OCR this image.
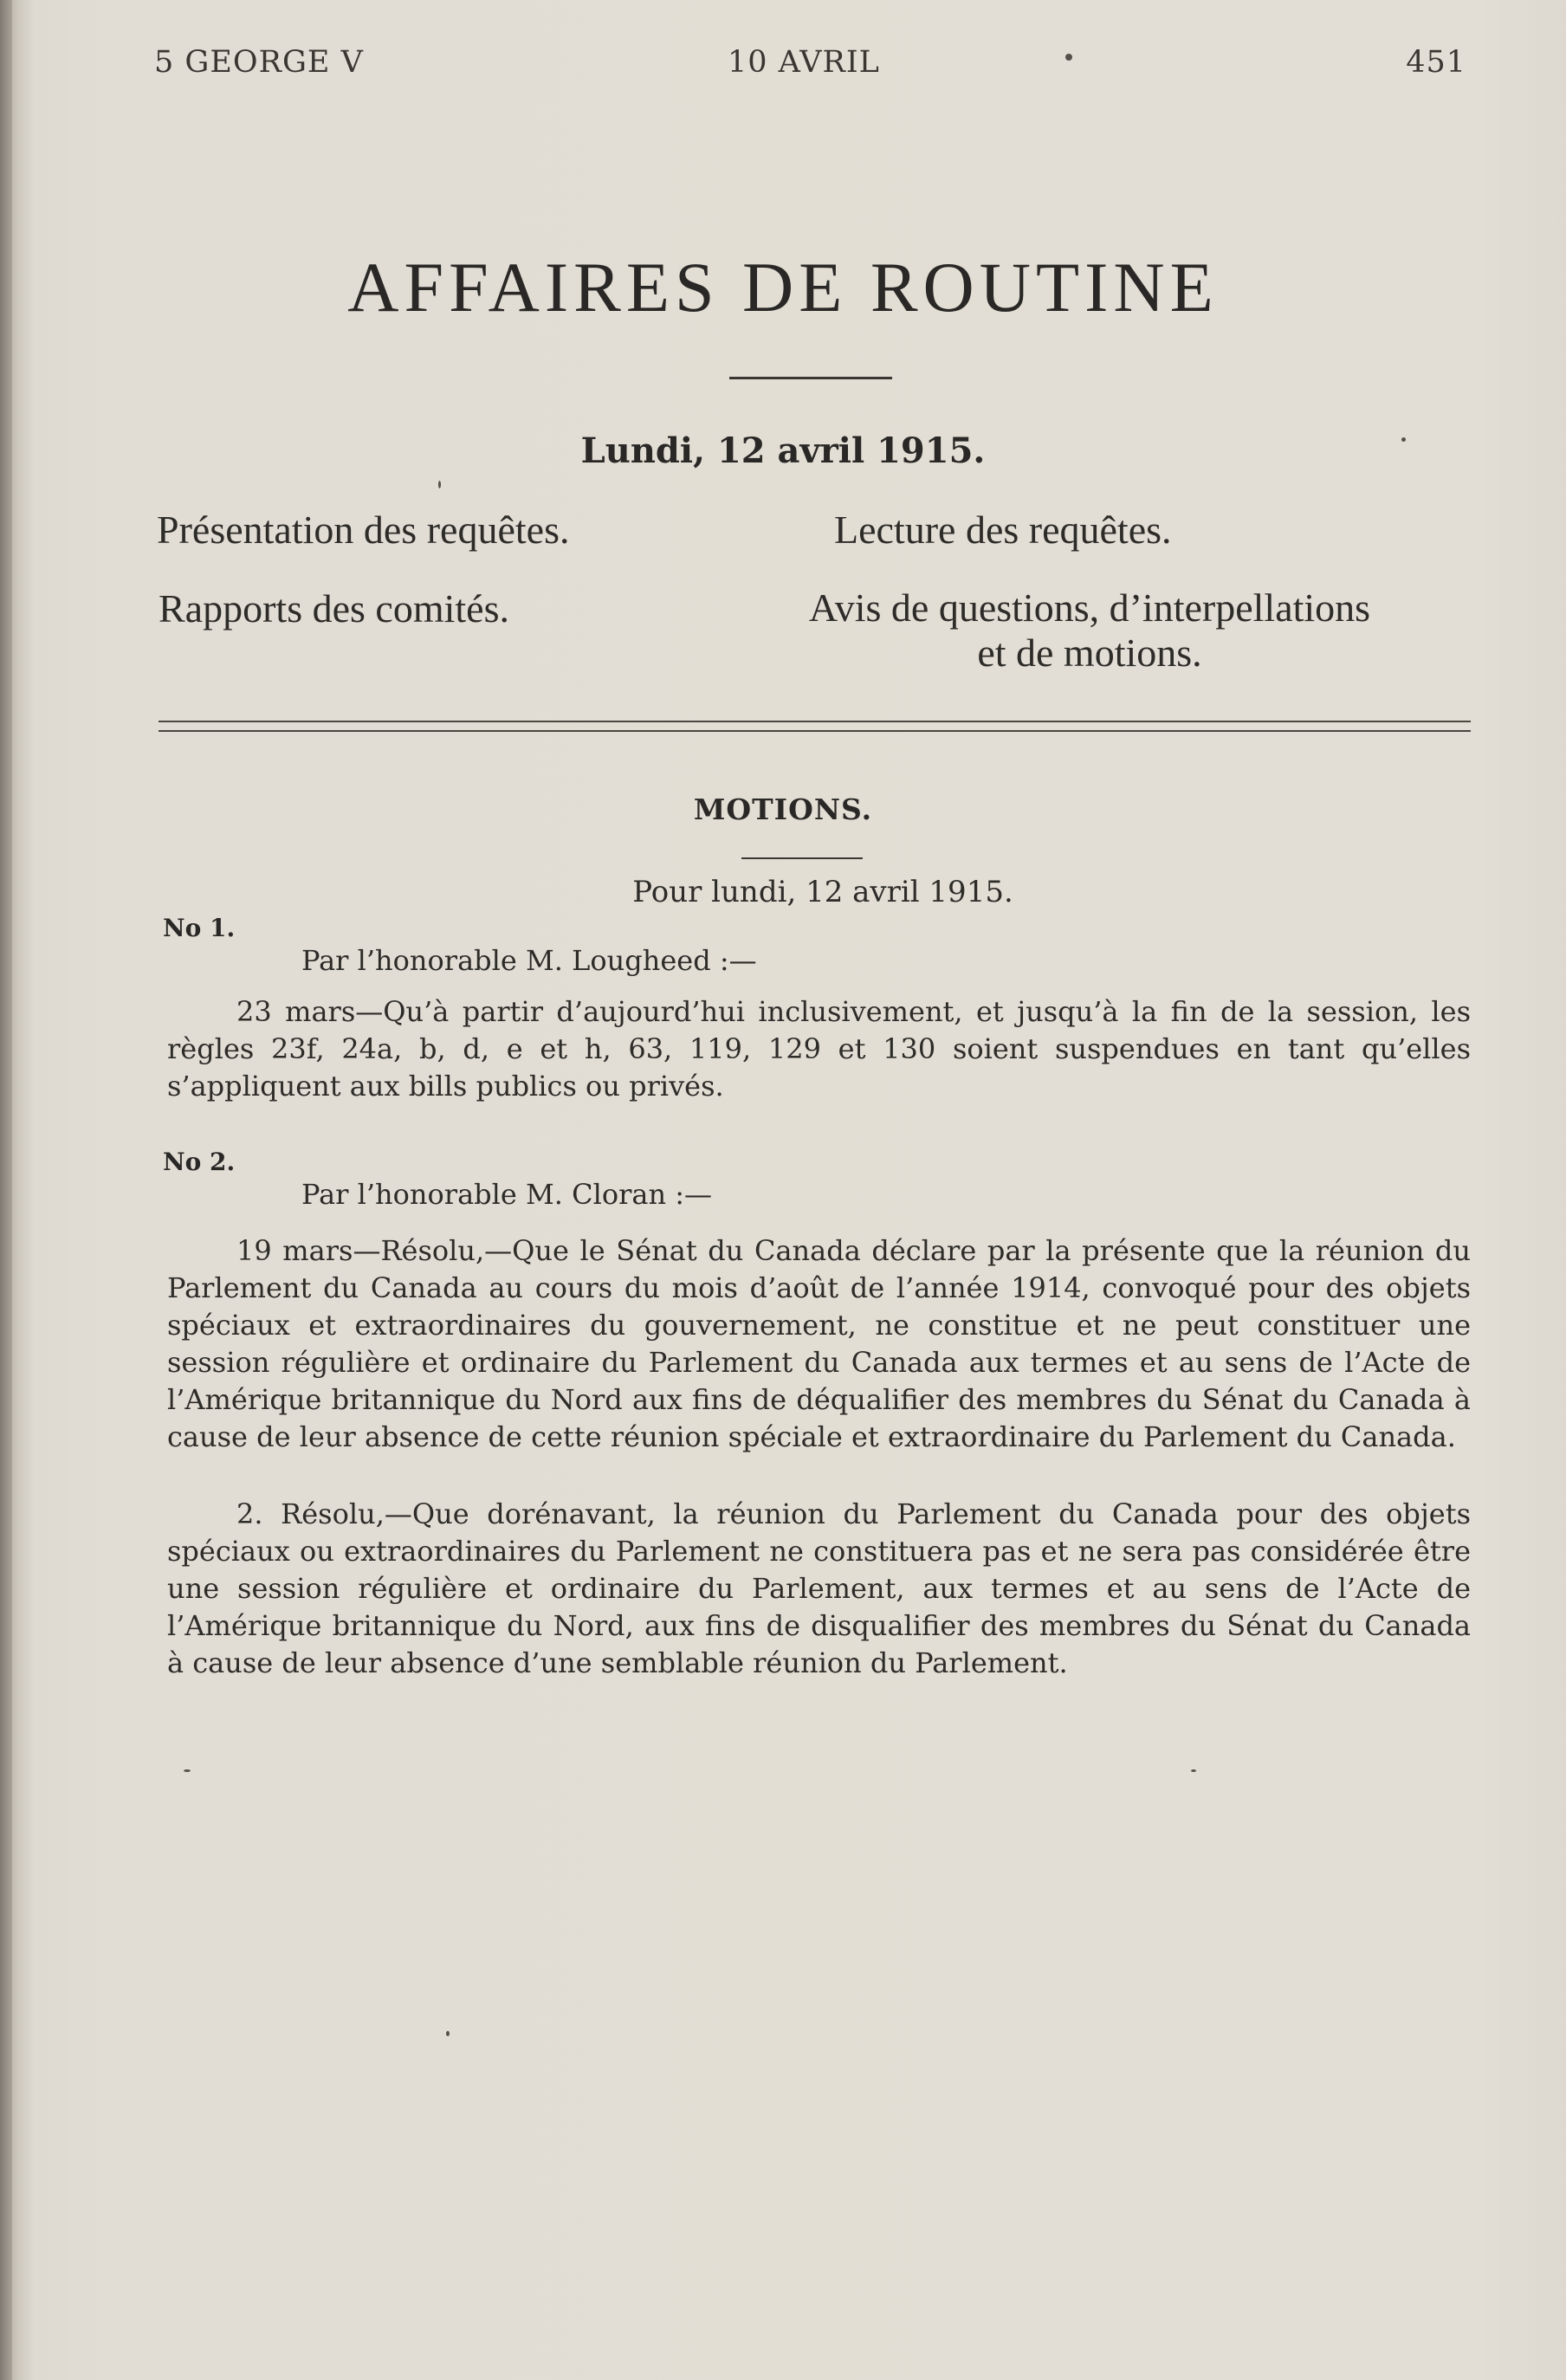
5 GEORGE V	10 AVRIL	451
AFFAIRES DE ROUTINE
Lundi, 12 avril 1915.
Présentation des requêtes.	Lecture des requêtes.
Rapports des comités.	Avis de questions, d’interpellations
et de motions.
MOTIONS.
Pour lundi, 12 avril 1915.
No 1.
Par l’honorable M. Lougheed :—
23 mars—Qu’à partir d’aujourd’hui inclusivement, et jusqu’à la fin de la session, les règles 23f, 24a, b, d, e et h, 63, 119, 129 et 130 soient suspendues en tant qu’elles s’appliquent aux bills publics ou privés.
No 2.
Par l’honorable M. Cloran :—
19 mars—Résolu,—Que le Sénat du Canada déclare par la présente que la réunion du Parlement du Canada au cours du mois d’août de l’année 1914, convoqué pour des objets spéciaux et extraordinaires du gouvernement, ne constitue et ne peut constituer une session régulière et ordinaire du Parlement du Canada aux termes et au sens de l’Acte de l’Amérique britannique du Nord aux fins de déqualifier des membres du Sénat du Canada à cause de leur absence de cette réunion spéciale et extraordinaire du Parlement du Canada.
2. Résolu,—Que dorénavant, la réunion du Parlement du Canada pour des objets spéciaux ou extraordinaires du Parlement ne constituera pas et ne sera pas considérée être une session régulière et ordinaire du Parlement, aux termes et au sens de l’Acte de l’Amérique britannique du Nord, aux fins de disqualifier des membres du Sénat du Canada à cause de leur absence d’une semblable réunion du Parlement.
